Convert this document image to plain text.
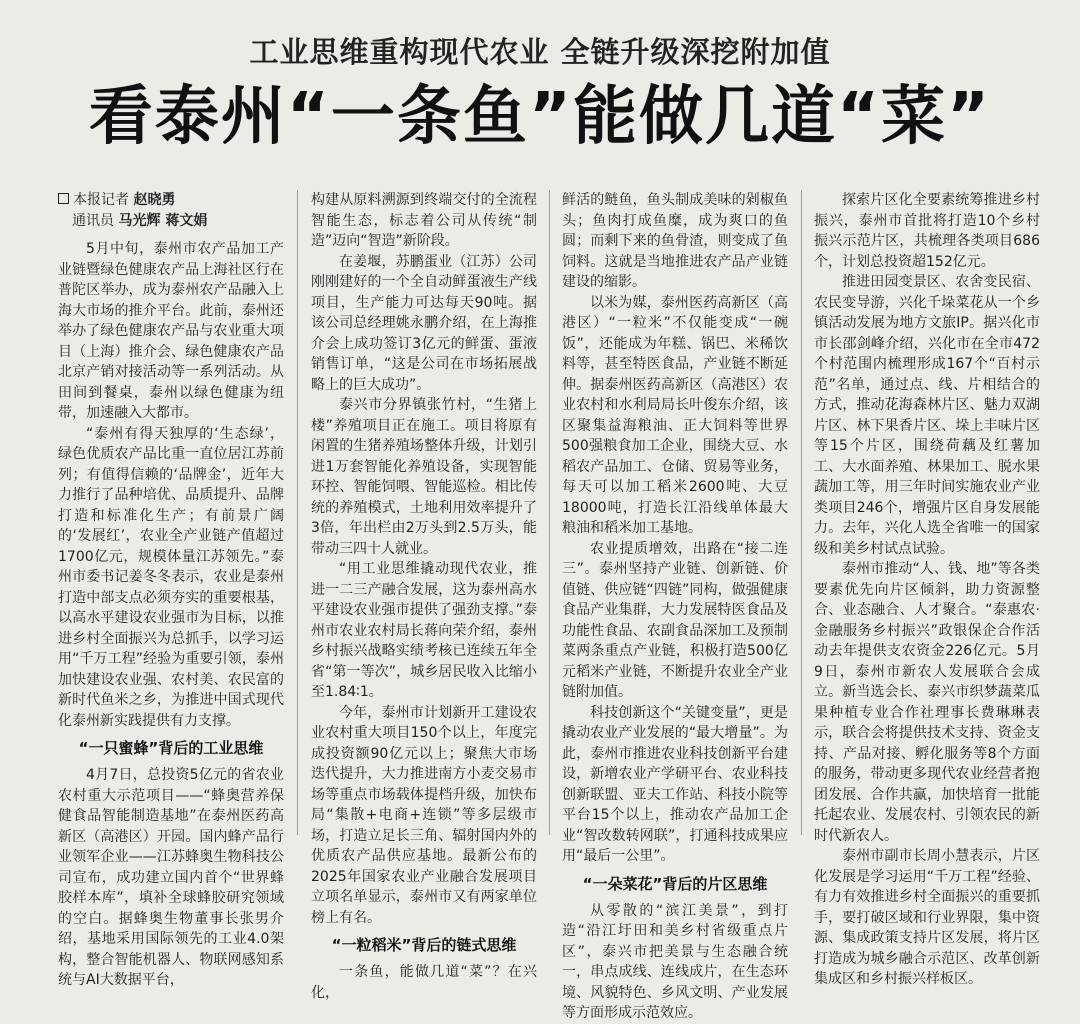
工业思维重构现代农业 全链升级深挖附加值
看泰州“一条鱼”能做几道“菜”
本报记者 赵晓勇
通讯员 马光辉 蒋文娟

5月中旬，泰州市农产品加工产业链暨绿色健康农产品上海社区行在普陀区举办，成为泰州农产品融入上海大市场的推介平台。此前，泰州还举办了绿色健康农产品与农业重大项目（上海）推介会、绿色健康农产品北京产销对接活动等一系列活动。从田间到餐桌，泰州以绿色健康为纽带，加速融入大都市。

“泰州有得天独厚的‘生态绿’，绿色优质农产品比重一直位居江苏前列；有值得信赖的‘品牌金’，近年大力推行了品种培优、品质提升、品牌打造和标准化生产；有前景广阔的‘发展红’，农业全产业链产值超过1700亿元，规模体量江苏领先。”泰州市委书记姜冬冬表示，农业是泰州打造中部支点必须夯实的重要根基，以高水平建设农业强市为目标，以推进乡村全面振兴为总抓手，以学习运用“千万工程”经验为重要引领，泰州加快建设农业强、农村美、农民富的新时代鱼米之乡，为推进中国式现代化泰州新实践提供有力支撑。

“一只蜜蜂”背后的工业思维

4月7日，总投资5亿元的省农业农村重大示范项目——“蜂奥营养保健食品智能制造基地”在泰州医药高新区（高港区）开园。国内蜂产品行业领军企业——江苏蜂奥生物科技公司宣布，成功建立国内首个“世界蜂胶样本库”，填补全球蜂胶研究领域的空白。据蜂奥生物董事长张男介绍，基地采用国际领先的工业4.0架构，整合智能机器人、物联网感知系统与AI大数据平台，

构建从原料溯源到终端交付的全流程智能生态，标志着公司从传统“制造”迈向“智造”新阶段。

在姜堰，苏鹏蛋业（江苏）公司刚刚建好的一个全自动鲜蛋液生产线项目，生产能力可达每天90吨。据该公司总经理姚永鹏介绍，在上海推介会上成功签订3亿元的鲜蛋、蛋液销售订单，“这是公司在市场拓展战略上的巨大成功”。

泰兴市分界镇张竹村，“生猪上楼”养殖项目正在施工。项目将原有闲置的生猪养殖场整体升级，计划引进1万套智能化养殖设备，实现智能环控、智能饲喂、智能巡检。相比传统的养殖模式，土地利用效率提升了3倍，年出栏由2万头到2.5万头，能带动三四十人就业。

“用工业思维撬动现代农业，推进一二三产融合发展，这为泰州高水平建设农业强市提供了强劲支撑。”泰州市农业农村局长蒋向荣介绍，泰州乡村振兴战略实绩考核已连续五年全省“第一等次”，城乡居民收入比缩小至1.84∶1。

今年，泰州市计划新开工建设农业农村重大项目150个以上，年度完成投资额90亿元以上；聚焦大市场迭代提升，大力推进南方小麦交易市场等重点市场载体提档升级，加快布局“集散+电商+连锁”等多层级市场，打造立足长三角、辐射国内外的优质农产品供应基地。最新公布的2025年国家农业产业融合发展项目立项名单显示，泰州市又有两家单位榜上有名。

“一粒稻米”背后的链式思维

一条鱼，能做几道“菜”？在兴化，

鲜活的鲢鱼，鱼头制成美味的剁椒鱼头；鱼肉打成鱼糜，成为爽口的鱼圆；而剩下来的鱼骨渣，则变成了鱼饲料。这就是当地推进农产品产业链建设的缩影。

以米为媒，泰州医药高新区（高港区）“一粒米”不仅能变成“一碗饭”，还能成为年糕、锅巴、米稀饮料等，甚至特医食品，产业链不断延伸。据泰州医药高新区（高港区）农业农村和水利局局长叶俊东介绍，该区聚集益海粮油、正大饲料等世界500强粮食加工企业，围绕大豆、水稻农产品加工、仓储、贸易等业务，每天可以加工稻米2600吨、大豆18000吨，打造长江沿线单体最大粮油和稻米加工基地。

农业提质增效，出路在“接二连三”。泰州坚持产业链、创新链、价值链、供应链“四链”同构，做强健康食品产业集群，大力发展特医食品及功能性食品、农副食品深加工及预制菜两条重点产业链，积极打造500亿元稻米产业链，不断提升农业全产业链附加值。

科技创新这个“关键变量”，更是撬动农业产业发展的“最大增量”。为此，泰州市推进农业科技创新平台建设，新增农业产学研平台、农业科技创新联盟、亚夫工作站、科技小院等平台15个以上，推动农产品加工企业“智改数转网联”，打通科技成果应用“最后一公里”。

“一朵菜花”背后的片区思维

从零散的“滨江美景”，到打造“沿江圩田和美乡村省级重点片区”，泰兴市把美景与生态融合统一，串点成线、连线成片，在生态环境、风貌特色、乡风文明、产业发展等方面形成示范效应。

探索片区化全要素统筹推进乡村振兴，泰州市首批将打造10个乡村振兴示范片区，共梳理各类项目686个，计划总投资超152亿元。

推进田园变景区、农舍变民宿、农民变导游，兴化千垛菜花从一个乡镇活动发展为地方文旅IP。据兴化市市长邵剑峰介绍，兴化市在全市472个村范围内梳理形成167个“百村示范”名单，通过点、线、片相结合的方式，推动花海森林片区、魅力双湖片区、林下果香片区、垛上丰味片区等15个片区，围绕荷藕及红薯加工、大水面养殖、林果加工、脱水果蔬加工等，用三年时间实施农业产业类项目246个，增强片区自身发展能力。去年，兴化人选全省唯一的国家级和美乡村试点试验。

泰州市推动“人、钱、地”等各类要素优先向片区倾斜，助力资源整合、业态融合、人才聚合。“泰惠农·金融服务乡村振兴”政银保企合作活动去年提供支农资金226亿元。5月9日，泰州市新农人发展联合会成立。新当选会长、泰兴市织梦蔬菜瓜果种植专业合作社理事长费琳琳表示，联合会将提供技术支持、资金支持、产品对接、孵化服务等8个方面的服务，带动更多现代农业经营者抱团发展、合作共赢，加快培育一批能托起农业、发展农村、引领农民的新时代新农人。

泰州市副市长周小慧表示，片区化发展是学习运用“千万工程”经验、有力有效推进乡村全面振兴的重要抓手，要打破区域和行业界限，集中资源、集成政策支持片区发展，将片区打造成为城乡融合示范区、改革创新集成区和乡村振兴样板区。
